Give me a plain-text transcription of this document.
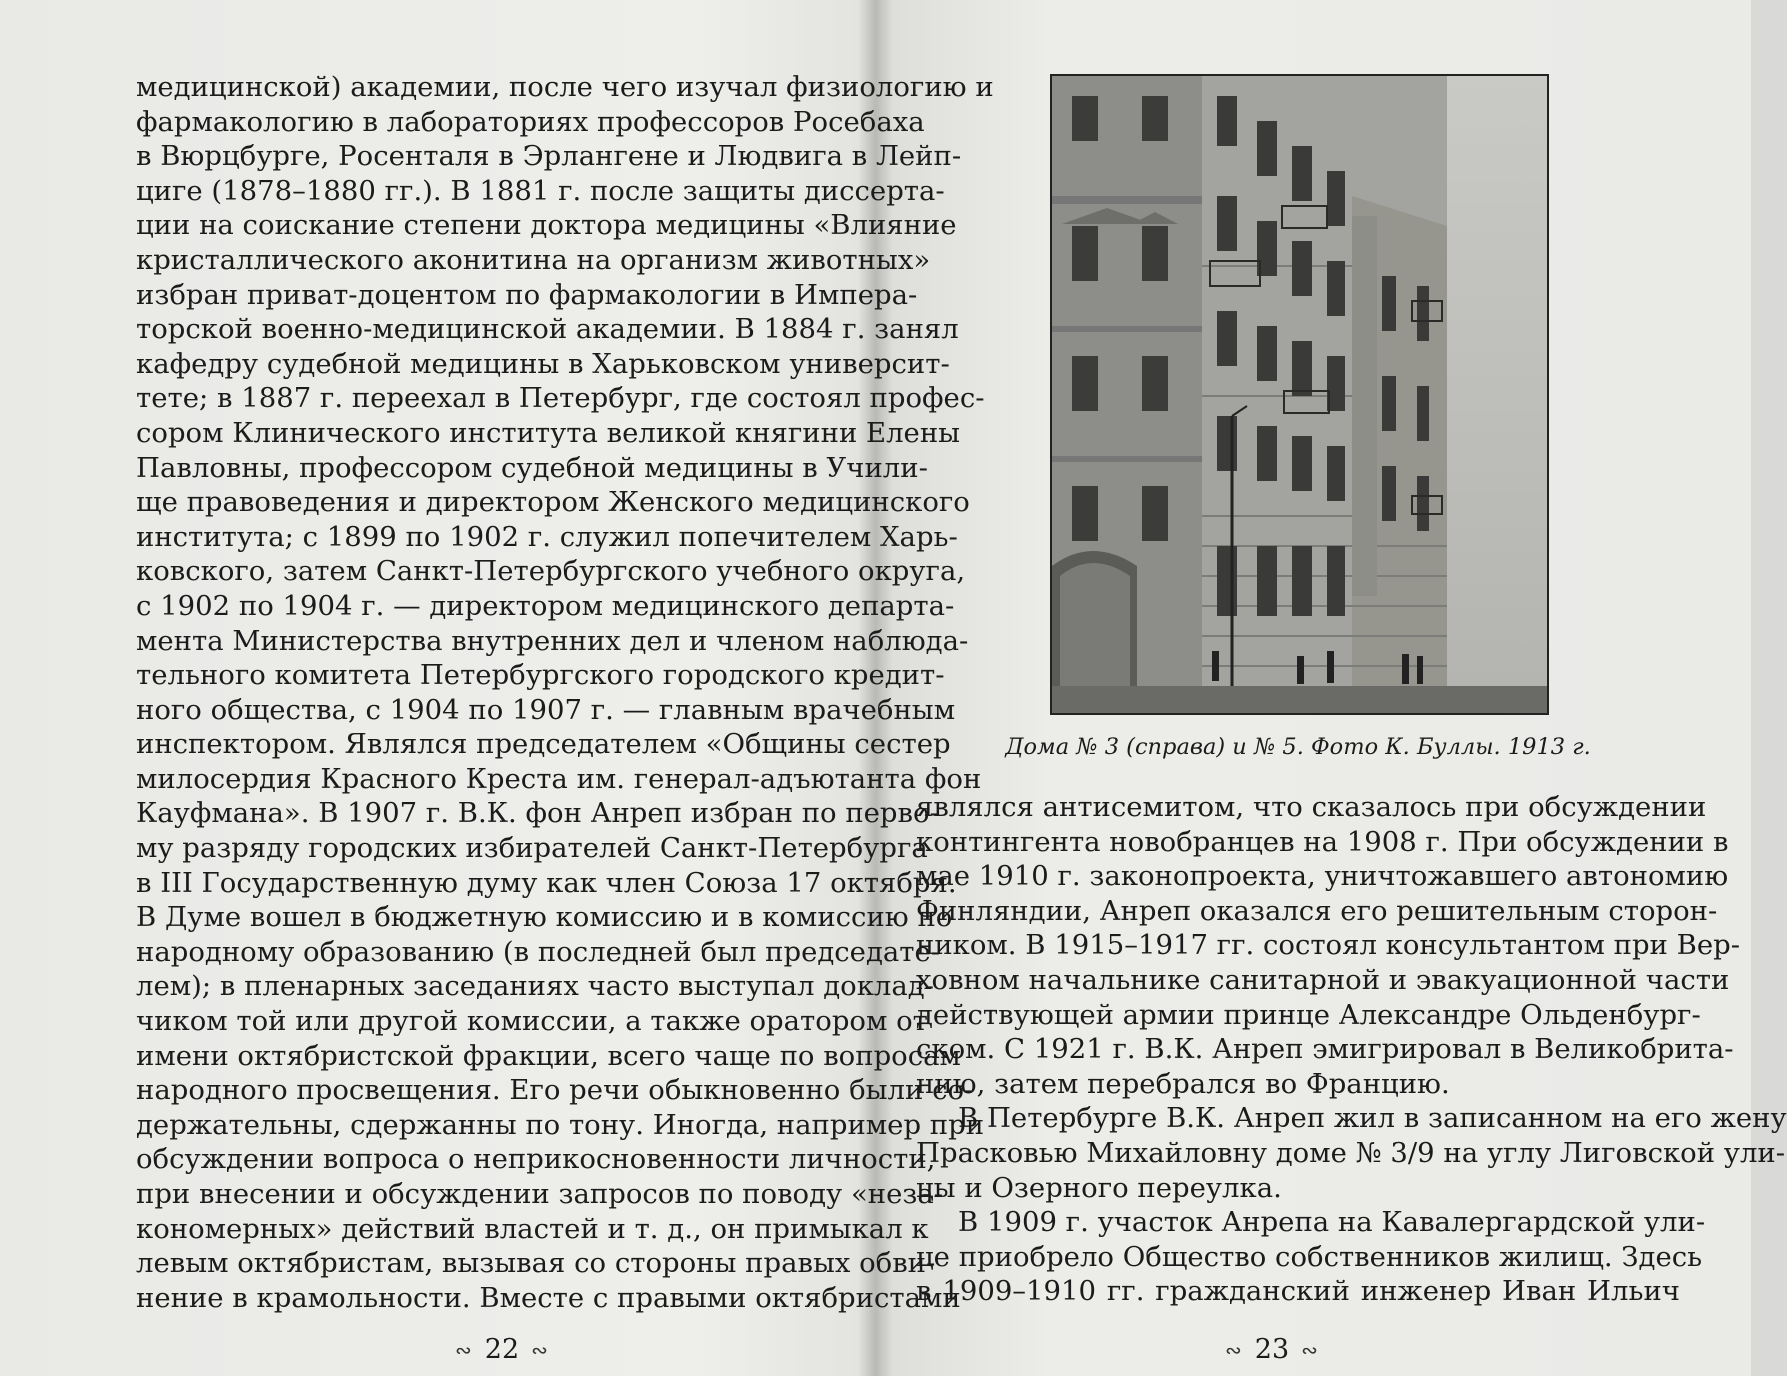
медицинской) академии, после чего изучал физиологию и
фармакологию в лабораториях профессоров Росебаха
в Вюрцбурге, Росенталя в Эрлангене и Людвига в Лейп-
циге (1878–1880 гг.). В 1881 г. после защиты диссерта-
ции на соискание степени доктора медицины «Влияние
кристаллического аконитина на организм животных»
избран приват-доцентом по фармакологии в Импера-
торской военно-медицинской академии. В 1884 г. занял
кафедру судебной медицины в Харьковском университ-
тете; в 1887 г. переехал в Петербург, где состоял профес-
сором Клинического института великой княгини Елены
Павловны, профессором судебной медицины в Учили-
ще правоведения и директором Женского медицинского
института; с 1899 по 1902 г. служил попечителем Харь-
ковского, затем Санкт-Петербургского учебного округа,
с 1902 по 1904 г. — директором медицинского департа-
мента Министерства внутренних дел и членом наблюда-
тельного комитета Петербургского городского кредит-
ного общества, с 1904 по 1907 г. — главным врачебным
инспектором. Являлся председателем «Общины сестер
милосердия Красного Креста им. генерал-адъютанта фон
Кауфмана». В 1907 г. В.К. фон Анреп избран по перво-
му разряду городских избирателей Санкт-Петербурга
в III Государственную думу как член Союза 17 октября.
В Думе вошел в бюджетную комиссию и в комиссию по
народному образованию (в последней был председате-
лем); в пленарных заседаниях часто выступал доклад-
чиком той или другой комиссии, а также оратором от
имени октябристской фракции, всего чаще по вопросам
народного просвещения. Его речи обыкновенно были со-
держательны, сдержанны по тону. Иногда, например при
обсуждении вопроса о неприкосновенности личности,
при внесении и обсуждении запросов по поводу «неза-
кономерных» действий властей и т. д., он примыкал к
левым октябристам, вызывая со стороны правых обви-
нение в крамольности. Вместе с правыми октябристами
∾ 22 ∾
Дома № 3 (справа) и № 5. Фото К. Буллы. 1913 г.
являлся антисемитом, что сказалось при обсуждении
контингента новобранцев на 1908 г. При обсуждении в
мае 1910 г. законопроекта, уничтожавшего автономию
Финляндии, Анреп оказался его решительным сторон-
ником. В 1915–1917 гг. состоял консультантом при Вер-
ховном начальнике санитарной и эвакуационной части
действующей армии принце Александре Ольденбург-
ском. С 1921 г. В.К. Анреп эмигрировал в Великобрита-
нию, затем перебрался во Францию.
В Петербурге В.К. Анреп жил в записанном на его жену
Прасковью Михайловну доме № 3/9 на углу Лиговской ули-
цы и Озерного переулка.
В 1909 г. участок Анрепа на Кавалергардской ули-
це приобрело Общество собственников жилищ. Здесь
в 1909–1910 гг. гражданский инженер Иван Ильич
∾ 23 ∾
